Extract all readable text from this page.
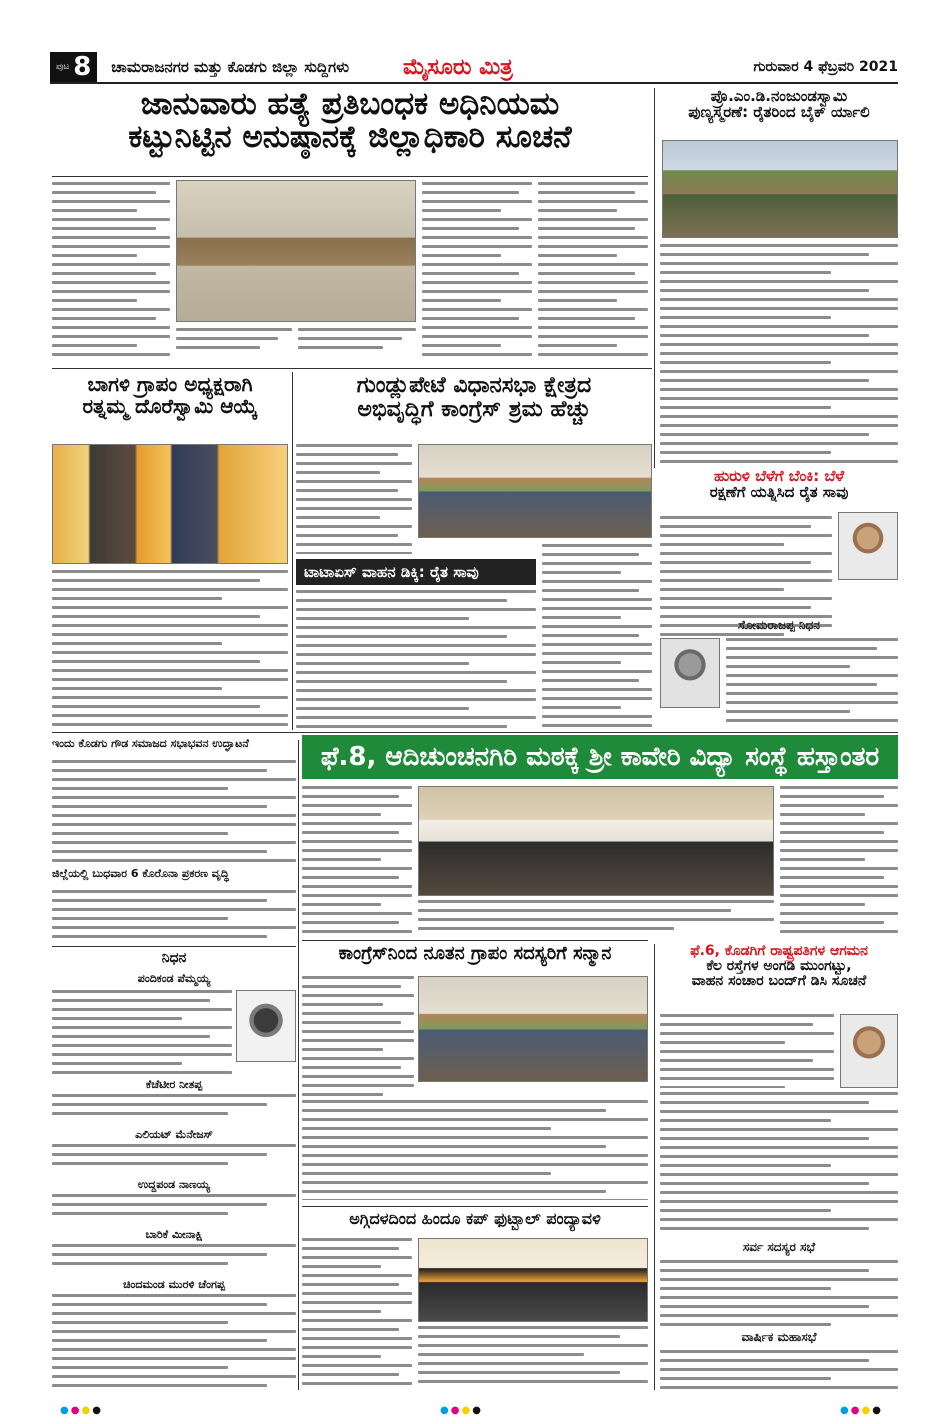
ಪುಟ 8 ಚಾಮರಾಜನಗರ ಮತ್ತು ಕೊಡಗು ಜಿಲ್ಲಾ ಸುದ್ದಿಗಳು ಮೈಸೂರು ಮಿತ್ರ	ಗುರುವಾರ 4 ಫೆಬ್ರವರಿ 2021
ಜಾನುವಾರು ಹತ್ಯೆ ಪ್ರತಿಬಂಧಕ ಅಧಿನಿಯಮ
ಕಟ್ಟುನಿಟ್ಟಿನ ಅನುಷ್ಠಾನಕ್ಕೆ ಜಿಲ್ಲಾಧಿಕಾರಿ ಸೂಚನೆ
ಪ್ರೊ.ಎಂ.ಡಿ.ನಂಜುಂಡಸ್ವಾಮಿ
ಪುಣ್ಯಸ್ಮರಣೆ: ರೈತರಿಂದ ಬೈಕ್ ರ್ಯಾಲಿ
ಬಾಗಳಿ ಗ್ರಾಪಂ ಅಧ್ಯಕ್ಷರಾಗಿ
ರತ್ನಮ್ಮ ದೊರೆಸ್ವಾಮಿ ಆಯ್ಕೆ
ಗುಂಡ್ಲುಪೇಟೆ ವಿಧಾನಸಭಾ ಕ್ಷೇತ್ರದ
ಅಭಿವೃದ್ಧಿಗೆ ಕಾಂಗ್ರೆಸ್ ಶ್ರಮ ಹೆಚ್ಚು
ಟಾಟಾಏಸ್ ವಾಹನ ಡಿಕ್ಕಿ: ರೈತ ಸಾವು
ಹುರುಳಿ ಬೆಳೆಗೆ ಬೆಂಕಿ: ಬೆಳೆ
ರಕ್ಷಣೆಗೆ ಯತ್ನಿಸಿದ ರೈತ ಸಾವು
ಸೋಮರಾಜಪ್ಪ ನಿಧನ
ಇಂದು ಕೊಡಗು ಗೌಡ ಸಮಾಜದ ಸಭಾಭವನ ಉದ್ಘಾಟನೆ
ಜಿಲ್ಲೆಯಲ್ಲಿ ಬುಧವಾರ 6 ಕೊರೊನಾ ಪ್ರಕರಣ ವೃದ್ಧಿ
ಫೆ.8, ಆದಿಚುಂಚನಗಿರಿ ಮಠಕ್ಕೆ ಶ್ರೀ ಕಾವೇರಿ ವಿದ್ಯಾ ಸಂಸ್ಥೆ ಹಸ್ತಾಂತರ
ನಿಧನ
ಪಂದಿಕಂಡ ಪೆಮ್ಮಯ್ಯ
ಕೆಚೆಟೀರ ನೀತಪ್ಪ
ಎಲಿಯಟ್ ಮೆನೇಜಸ್
ಉದ್ದಪಂಡ ನಾಣಯ್ಯ
ಬಾರಿಕೆ ಮೀನಾಕ್ಷಿ
ಚಿಂದಮಂಡ ಮುರಳಿ ಚೆಂಗಪ್ಪ
ಕಾಂಗ್ರೆಸ್‌ನಿಂದ ನೂತನ ಗ್ರಾಪಂ ಸದಸ್ಯರಿಗೆ ಸನ್ಮಾನ
ಅಗ್ಗಿದಳದಿಂದ ಹಿಂದೂ ಕಪ್ ಫುಟ್ಬಾಲ್ ಪಂದ್ಯಾವಳಿ
ಫೆ.6, ಕೊಡಗಿಗೆ ರಾಷ್ಟ್ರಪತಿಗಳ ಆಗಮನ
ಕೆಲ ರಸ್ತೆಗಳ ಅಂಗಡಿ ಮುಂಗಟ್ಟು,
ವಾಹನ ಸಂಚಾರ ಬಂದ್‌ಗೆ ಡಿಸಿ ಸೂಚನೆ
ಸರ್ವ ಸದಸ್ಯರ ಸಭೆ
ವಾರ್ಷಿಕ ಮಹಾಸಭೆ
●●●●	●●●●	●●●●
